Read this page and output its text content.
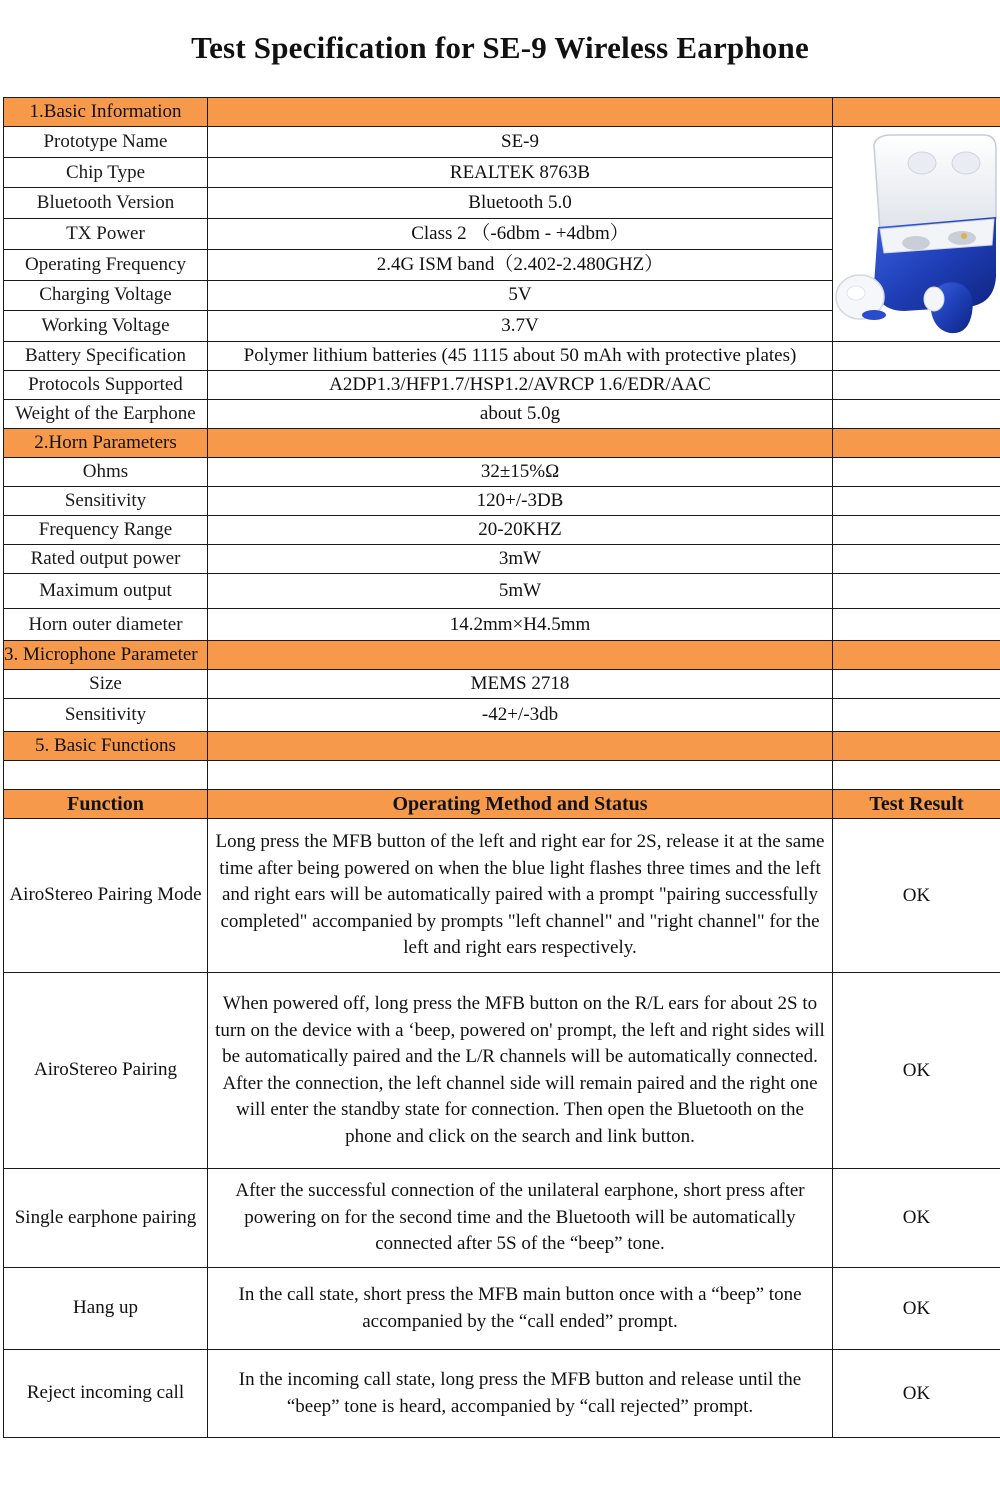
Test Specification for SE-9 Wireless Earphone
1.Basic Information		
Prototype Name	SE-9	

Chip Type	REALTEK 8763B	
Bluetooth Version	Bluetooth 5.0	
TX Power	Class 2 （-6dbm - +4dbm）	
Operating Frequency	2.4G ISM band（2.402-2.480GHZ）	
Charging Voltage	5V	
Working Voltage	3.7V	
Battery Specification	Polymer lithium batteries (45 1115 about 50 mAh with protective plates)	
Protocols Supported	A2DP1.3/HFP1.7/HSP1.2/AVRCP 1.6/EDR/AAC	
Weight of the Earphone	about 5.0g	
2.Horn Parameters		
Ohms	32±15%Ω	
Sensitivity	120+/-3DB	
Frequency Range	20-20KHZ	
Rated output power	3mW	
Maximum output	5mW	
Horn outer diameter	14.2mm×H4.5mm	
3. Microphone Parameter		
Size	MEMS 2718	
Sensitivity	-42+/-3db	
5. Basic Functions		

Function	Operating Method and Status	Test Result
AiroStereo Pairing Mode	Long press the MFB button of the left and right ear for 2S, release it at the same time after being powered on when the blue light flashes three times and the left and right ears will be automatically paired with a prompt "pairing successfully completed" accompanied by prompts "left channel" and "right channel" for the left and right ears respectively.	OK
AiroStereo Pairing	When powered off, long press the MFB button on the R/L ears for about 2S to turn on the device with a ‘beep, powered on' prompt, the left and right sides will be automatically paired and the L/R channels will be automatically connected. After the connection, the left channel side will remain paired and the right one will enter the standby state for connection. Then open the Bluetooth on the phone and click on the search and link button.	OK
Single earphone pairing	After the successful connection of the unilateral earphone, short press after powering on for the second time and the Bluetooth will be automatically connected after 5S of the “beep” tone.	OK
Hang up	In the call state, short press the MFB main button once with a “beep” tone accompanied by the “call ended” prompt.	OK
Reject incoming call	In the incoming call state, long press the MFB button and release until the “beep” tone is heard, accompanied by “call rejected” prompt.	OK
